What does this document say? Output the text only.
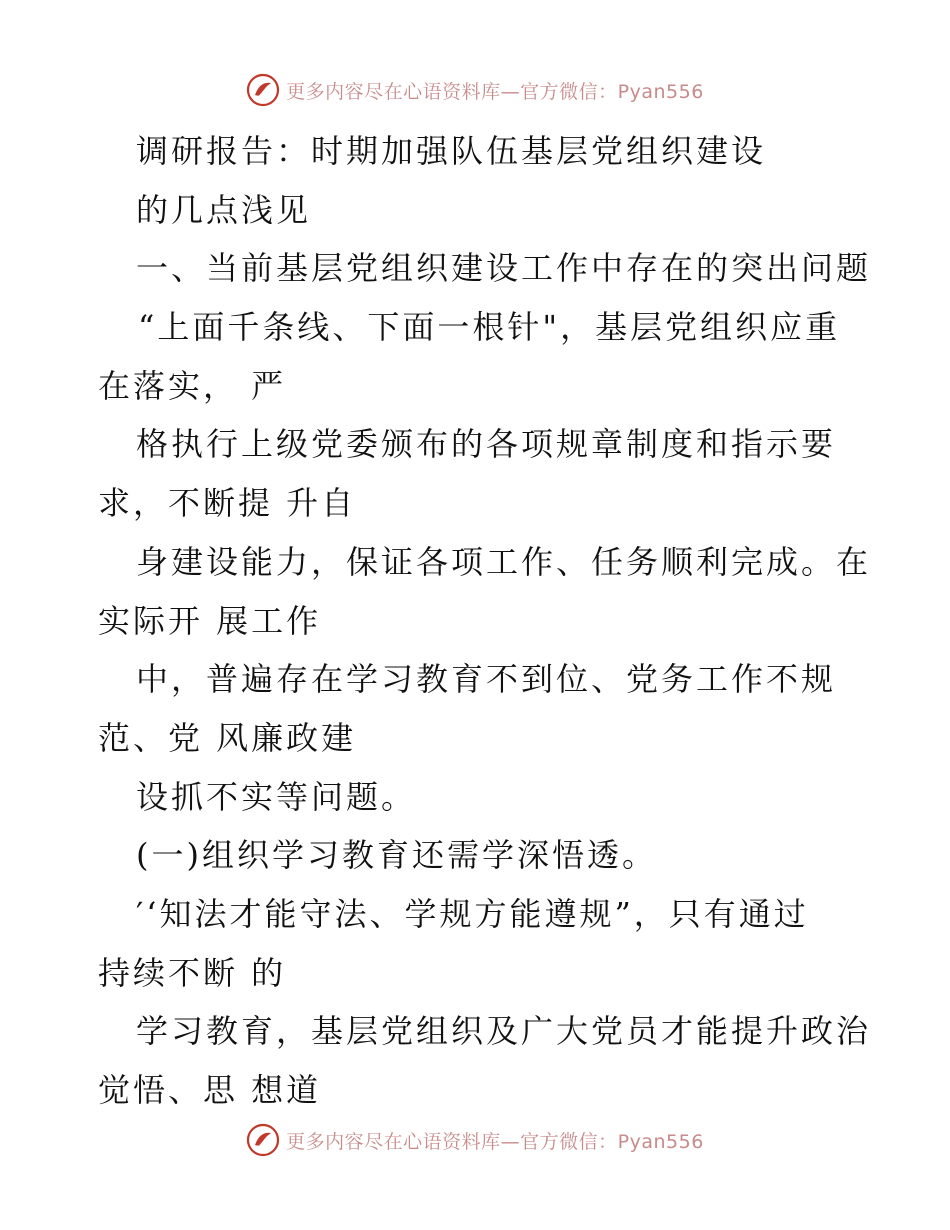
更多内容尽在心语资料库—官方微信：Pyan556
调研报告：时期加强队伍基层党组织建设
的几点浅见
一、当前基层党组织建设工作中存在的突出问题
“上面千条线、下面一根针"，基层党组织应重
在落实， 严
格执行上级党委颁布的各项规章制度和指示要
求，不断提 升自
身建设能力，保证各项工作、任务顺利完成。在
实际开 展工作
中，普遍存在学习教育不到位、党务工作不规
范、党 风廉政建
设抓不实等问题。
(一)组织学习教育还需学深悟透。
′‘知法才能守法、学规方能遵规”，只有通过
持续不断 的
学习教育，基层党组织及广大党员才能提升政治
觉悟、思 想道
更多内容尽在心语资料库—官方微信：Pyan556
